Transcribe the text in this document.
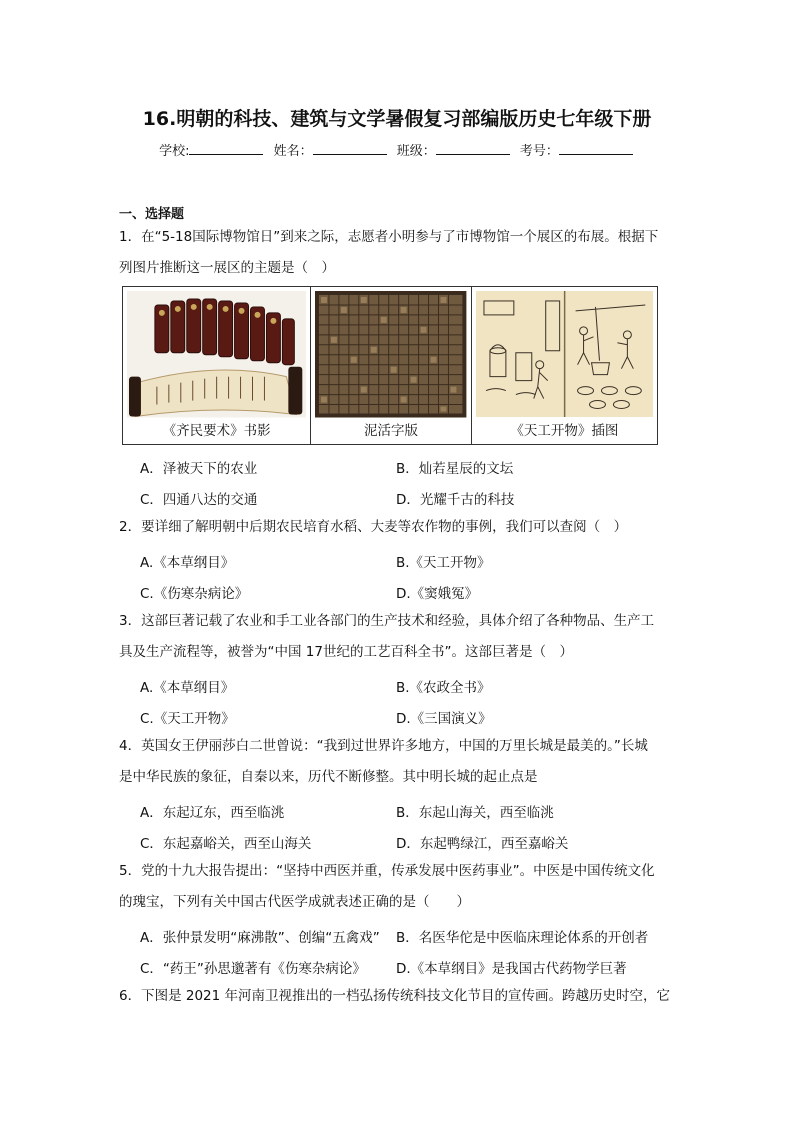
16.明朝的科技、建筑与文学暑假复习部编版历史七年级下册
学校:	姓名：	班级：	考号：
一、选择题
1．在“5-18国际博物馆日”到来之际，志愿者小明参与了市博物馆一个展区的布展。根据下
列图片推断这一展区的主题是（　）
《齐民要术》书影	泥活字版	《天工开物》插图
A．泽被天下的农业	B．灿若星辰的文坛
C．四通八达的交通	D．光耀千古的科技
2．要详细了解明朝中后期农民培育水稻、大麦等农作物的事例，我们可以查阅（　）
A.《本草纲目》	B.《天工开物》
C.《伤寒杂病论》	D.《窦娥冤》
3．这部巨著记载了农业和手工业各部门的生产技术和经验，具体介绍了各种物品、生产工
具及生产流程等，被誉为“中国 17世纪的工艺百科全书”。这部巨著是（　）
A.《本草纲目》	B.《农政全书》
C.《天工开物》	D.《三国演义》
4．英国女王伊丽莎白二世曾说：“我到过世界许多地方，中国的万里长城是最美的。”长城
是中华民族的象征，自秦以来，历代不断修整。其中明长城的起止点是
A．东起辽东，西至临洮	B．东起山海关，西至临洮
C．东起嘉峪关，西至山海关	D．东起鸭绿江，西至嘉峪关
5．党的十九大报告提出：“坚持中西医并重，传承发展中医药事业”。中医是中国传统文化
的瑰宝，下列有关中国古代医学成就表述正确的是（　　）
A．张仲景发明“麻沸散”、创编“五禽戏” B．名医华佗是中医临床理论体系的开创者
C．“药王”孙思邈著有《伤寒杂病论》 D.《本草纲目》是我国古代药物学巨著
6．下图是 2021 年河南卫视推出的一档弘扬传统科技文化节目的宣传画。跨越历史时空，它
